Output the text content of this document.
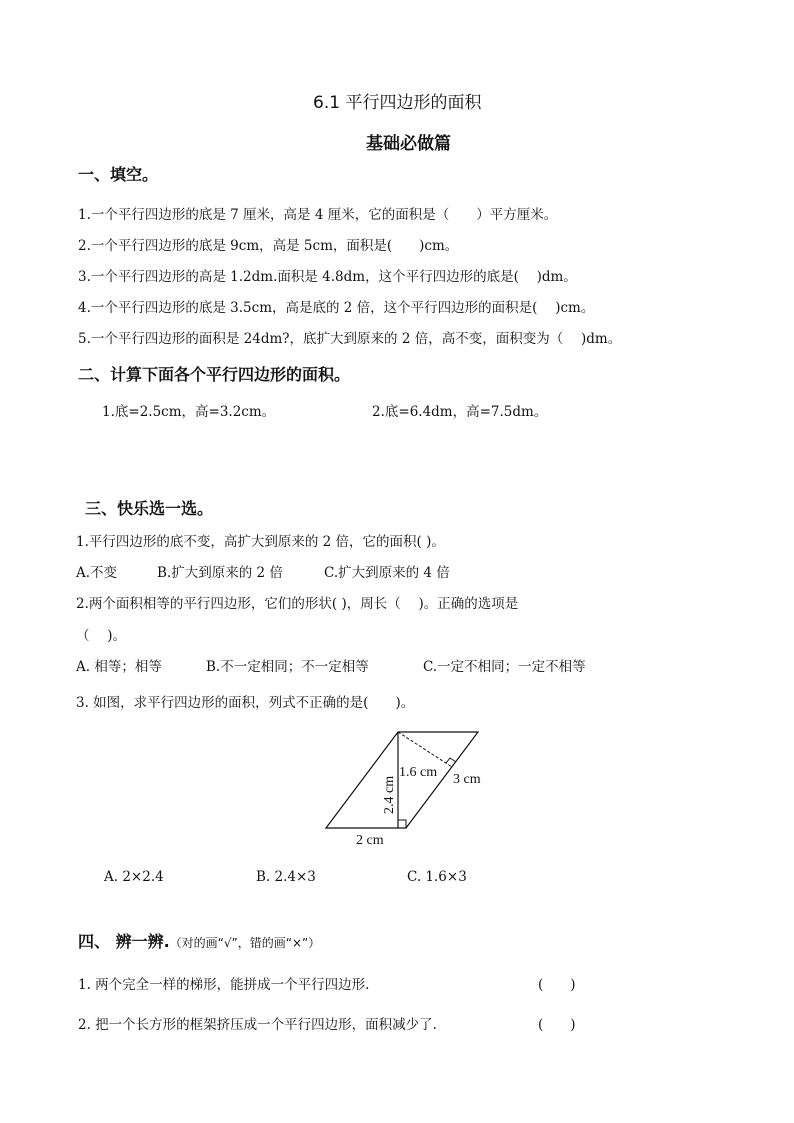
6.1 平行四边形的面积
基础必做篇
一、填空。
1.一个平行四边形的底是 7 厘米，高是 4 厘米，它的面积是（　　）平方厘米。
2.一个平行四边形的底是 9cm，高是 5cm，面积是(　　)cm。
3.一个平行四边形的高是 1.2dm.面积是 4.8dm，这个平行四边形的底是(　 )dm。
4.一个平行四边形的底是 3.5cm，高是底的 2 倍，这个平行四边形的面积是(　 )cm。
5.一个平行四边形的面积是 24dm?，底扩大到原来的 2 倍，高不变，面积变为（　 )dm。
二、计算下面各个平行四边形的面积。
1.底=2.5cm，高=3.2cm。	2.底=6.4dm，高=7.5dm。
三、快乐选一选。
1.平行四边形的底不变，高扩大到原来的 2 倍，它的面积( )。
A.不变	B.扩大到原来的 2 倍	C.扩大到原来的 4 倍
2.两个面积相等的平行四边形，它们的形状( )，周长（　 )。正确的选项是
（　 )。
A. 相等；相等	B.不一定相同；不一定相等	C.一定不相同；一定不相等
3. 如图，求平行四边形的面积，列式不正确的是(　　)。
2.4 cm
1.6 cm 3 cm
2 cm
A. 2×2.4	B. 2.4×3	C. 1.6×3
四、 辨一辨.（对的画“√”，错的画“×”）
1. 两个完全一样的梯形，能拼成一个平行四边形.	(　　)
2. 把一个长方形的框架挤压成一个平行四边形，面积减少了.	(　　)
